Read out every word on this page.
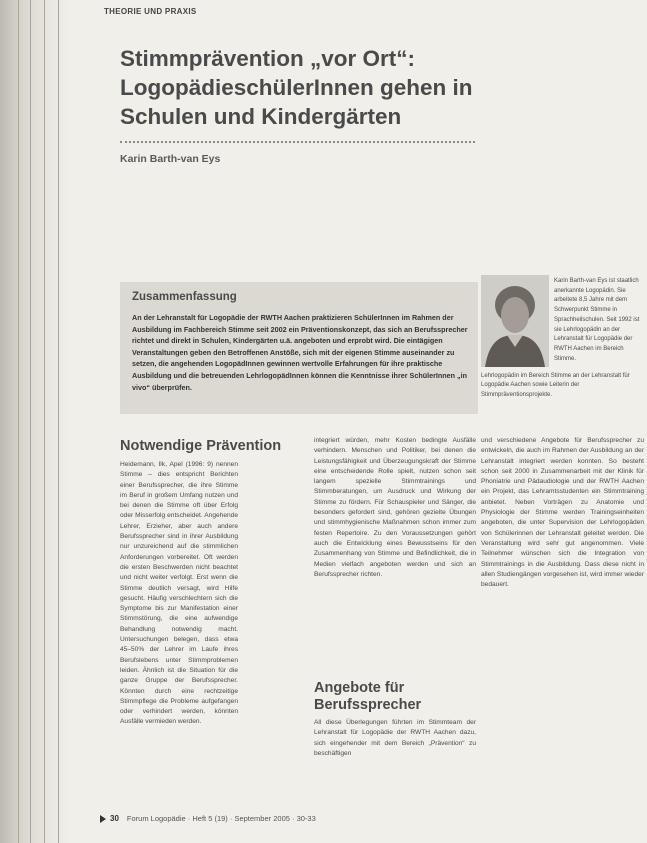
THEORIE UND PRAXIS
Stimmprävention „vor Ort“: LogopädieschülerInnen gehen in Schulen und Kindergärten
Karin Barth-van Eys
Zusammenfassung

An der Lehranstalt für Logopädie der RWTH Aachen praktizieren SchülerInnen im Rahmen der Ausbildung im Fachbereich Stimme seit 2002 ein Präventionskonzept, das sich an Berufssprecher richtet und direkt in Schulen, Kindergärten u.ä. angeboten und erprobt wird. Die eintägigen Veranstaltungen geben den Betroffenen Anstöße, sich mit der eigenen Stimme auseinander zu setzen, die angehenden LogopädInnen gewinnen wertvolle Erfahrungen für ihre praktische Ausbildung und die betreuenden LehrlogopädInnen können die Kenntnisse ihrer SchülerInnen „in vivo“ überprüfen.

Karin Barth-van Eys ist staatlich anerkannte Logopädin. Sie arbeitete 8,5 Jahre mit dem Schwerpunkt Stimme in Sprachheilschulen. Seit 1992 ist sie Lehrlogopädin an der Lehranstalt für Logopädie der RWTH Aachen im Bereich Stimme.

Lehrlogopädin im Bereich Stimme an der Lehranstalt für Logopädie Aachen sowie Leiterin der Stimmpräventionsprojekte.

Notwendige Prävention

Heidemann, Ilk, Apel (1996: 9) nennen Stimme – dies entspricht Berichten einer Berufssprecher, die ihre Stimme im Beruf in großem Umfang nutzen und bei denen die Stimme oft über Erfolg oder Misserfolg entscheidet. Angehende Lehrer, Erzieher, aber auch andere Berufssprecher sind in ihrer Ausbildung nur unzureichend auf die stimmlichen Anforderungen vorbereitet. Oft werden die ersten Beschwerden nicht beachtet und nicht weiter verfolgt. Erst wenn die Stimme deutlich versagt, wird Hilfe gesucht. Häufig verschlechtern sich die Symptome bis zur Manifestation einer Stimmstörung, die eine aufwendige Behandlung notwendig macht. Untersuchungen belegen, dass etwa 45–50% der Lehrer im Laufe ihres Berufslebens unter Stimmproblemen leiden. Ähnlich ist die Situation für die ganze Gruppe der Berufssprecher. Könnten durch eine rechtzeitige Stimmpflege die Probleme aufgefangen oder verhindert werden, könnten Ausfälle vermieden werden.

integriert würden, mehr Kosten bedingte Ausfälle verhindern. Menschen und Politiker, bei denen die Leistungsfähigkeit und Überzeugungskraft der Stimme eine entscheidende Rolle spielt, nutzen schon seit langem spezielle Stimmtrainings und Stimmberatungen, um Ausdruck und Wirkung der Stimme zu fördern. Für Schauspieler und Sänger, die besonders gefordert sind, gehören gezielte Übungen und stimmhygienische Maßnahmen schon immer zum festen Repertoire. Zu den Voraussetzungen gehört auch die Entwicklung eines Bewusstseins für den Zusammenhang von Stimme und Befindlichkeit, die in Medien vielfach angeboten werden und sich an Berufssprecher richten.

Angebote für Berufssprecher

All diese Überlegungen führten im Stimmteam der Lehranstalt für Logopädie der RWTH Aachen dazu, sich eingehender mit dem Bereich „Prävention“ zu beschäftigen

und verschiedene Angebote für Berufssprecher zu entwickeln, die auch im Rahmen der Ausbildung an der Lehranstalt integriert werden konnten. So besteht schon seit 2000 in Zusammenarbeit mit der Klinik für Phoniatrie und Pädaudiologie und der RWTH Aachen ein Projekt, das Lehramtsstudenten ein Stimmtraining anbietet. Neben Vorträgen zu Anatomie und Physiologie der Stimme werden Trainingseinheiten angeboten, die unter Supervision der Lehrlogopäden von Schülerinnen der Lehranstalt geleitet werden. Die Veranstaltung wird sehr gut angenommen. Viele Teilnehmer wünschen sich die Integration von Stimmtrainings in die Ausbildung. Dass diese nicht in allen Studiengängen vorgesehen ist, wird immer wieder bedauert.

30 Forum Logopädie · Heft 5 (19) · September 2005 · 30-33
